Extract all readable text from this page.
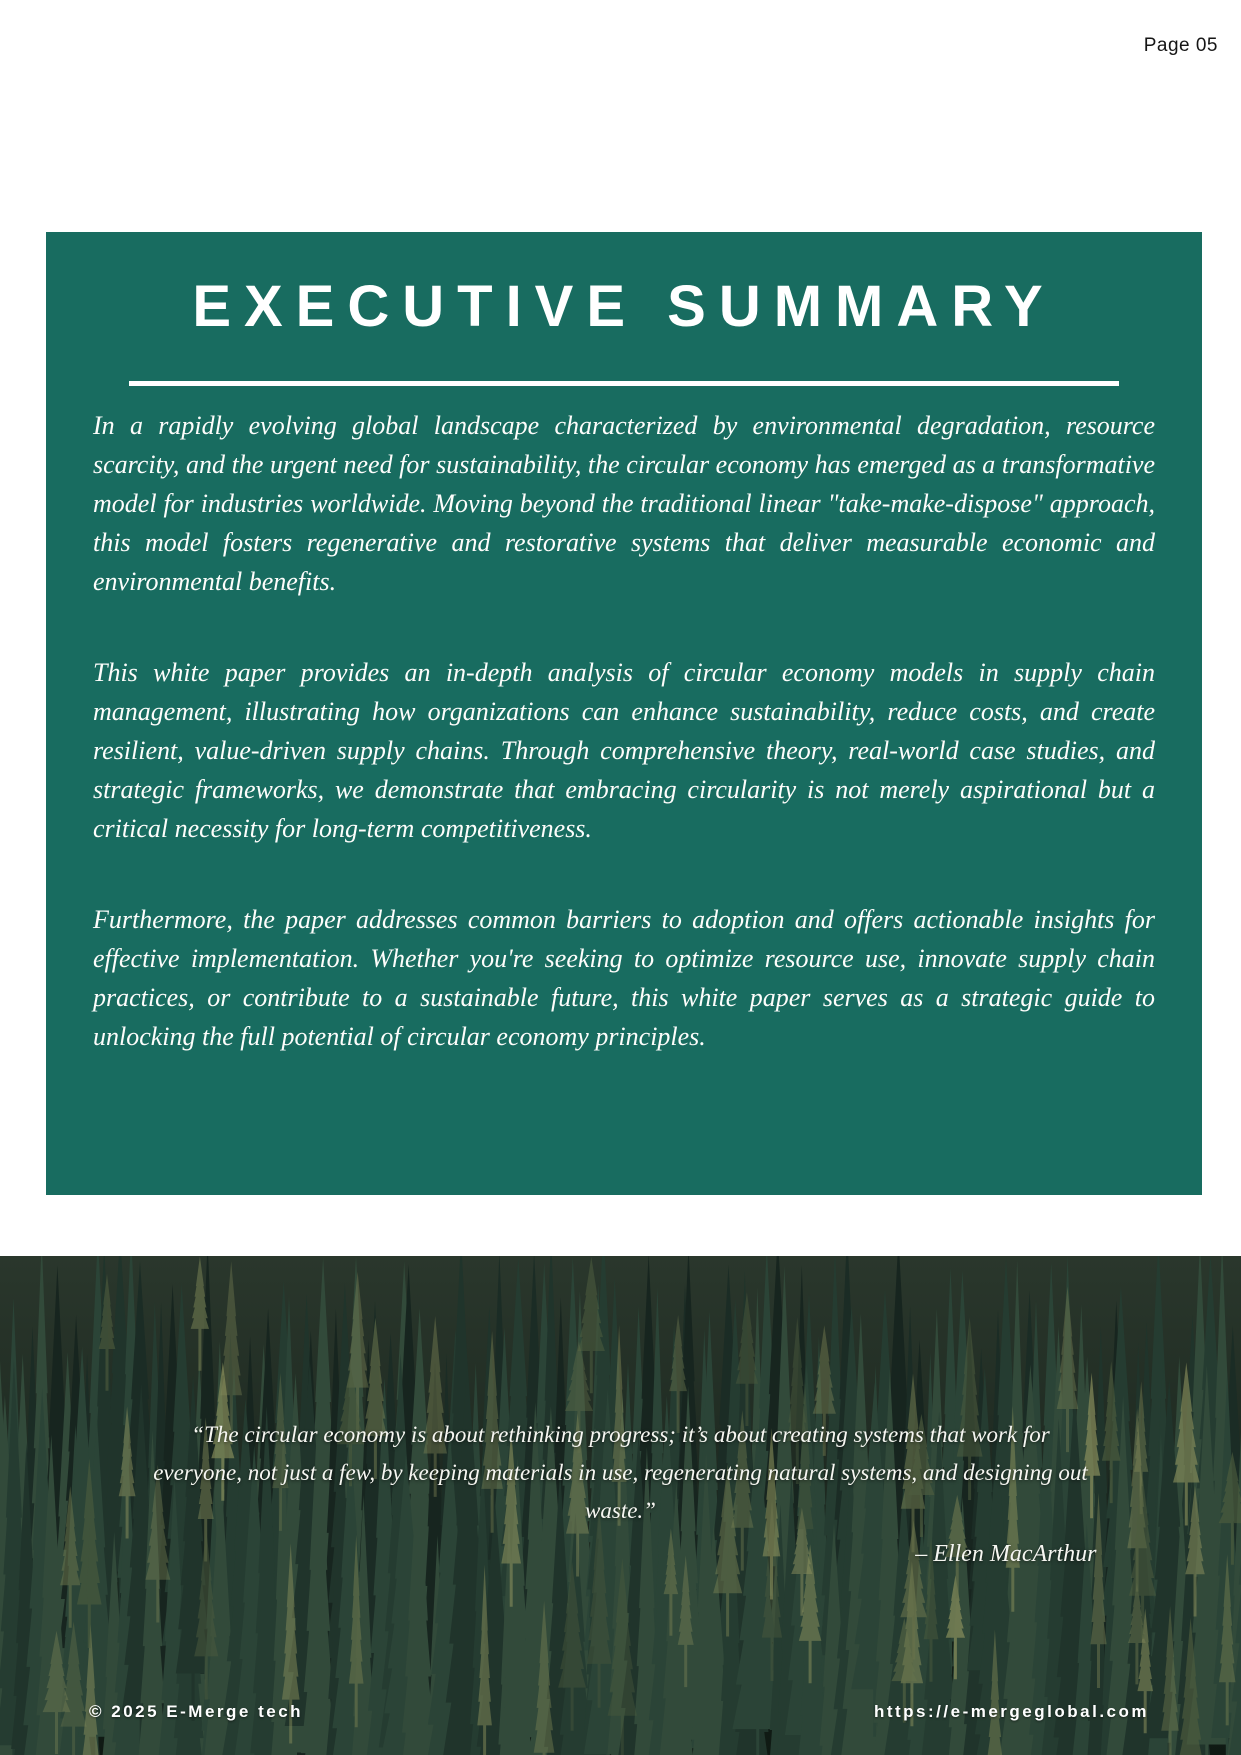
Page 05
EXECUTIVE SUMMARY

In a rapidly evolving global landscape characterized by environmental degradation, resource scarcity, and the urgent need for sustainability, the circular economy has emerged as a transformative model for industries worldwide. Moving beyond the traditional linear "take-make-dispose" approach, this model fosters regenerative and restorative systems that deliver measurable economic and environmental benefits.

This white paper provides an in-depth analysis of circular economy models in supply chain management, illustrating how organizations can enhance sustainability, reduce costs, and create resilient, value-driven supply chains. Through comprehensive theory, real-world case studies, and strategic frameworks, we demonstrate that embracing circularity is not merely aspirational but a critical necessity for long-term competitiveness.

Furthermore, the paper addresses common barriers to adoption and offers actionable insights for effective implementation. Whether you're seeking to optimize resource use, innovate supply chain practices, or contribute to a sustainable future, this white paper serves as a strategic guide to unlocking the full potential of circular economy principles.

“The circular economy is about rethinking progress; it’s about creating systems that work for everyone, not just a few, by keeping materials in use, regenerating natural systems, and designing out waste.”
– Ellen MacArthur
© 2025 E-Merge tech	https://e-mergeglobal.com
